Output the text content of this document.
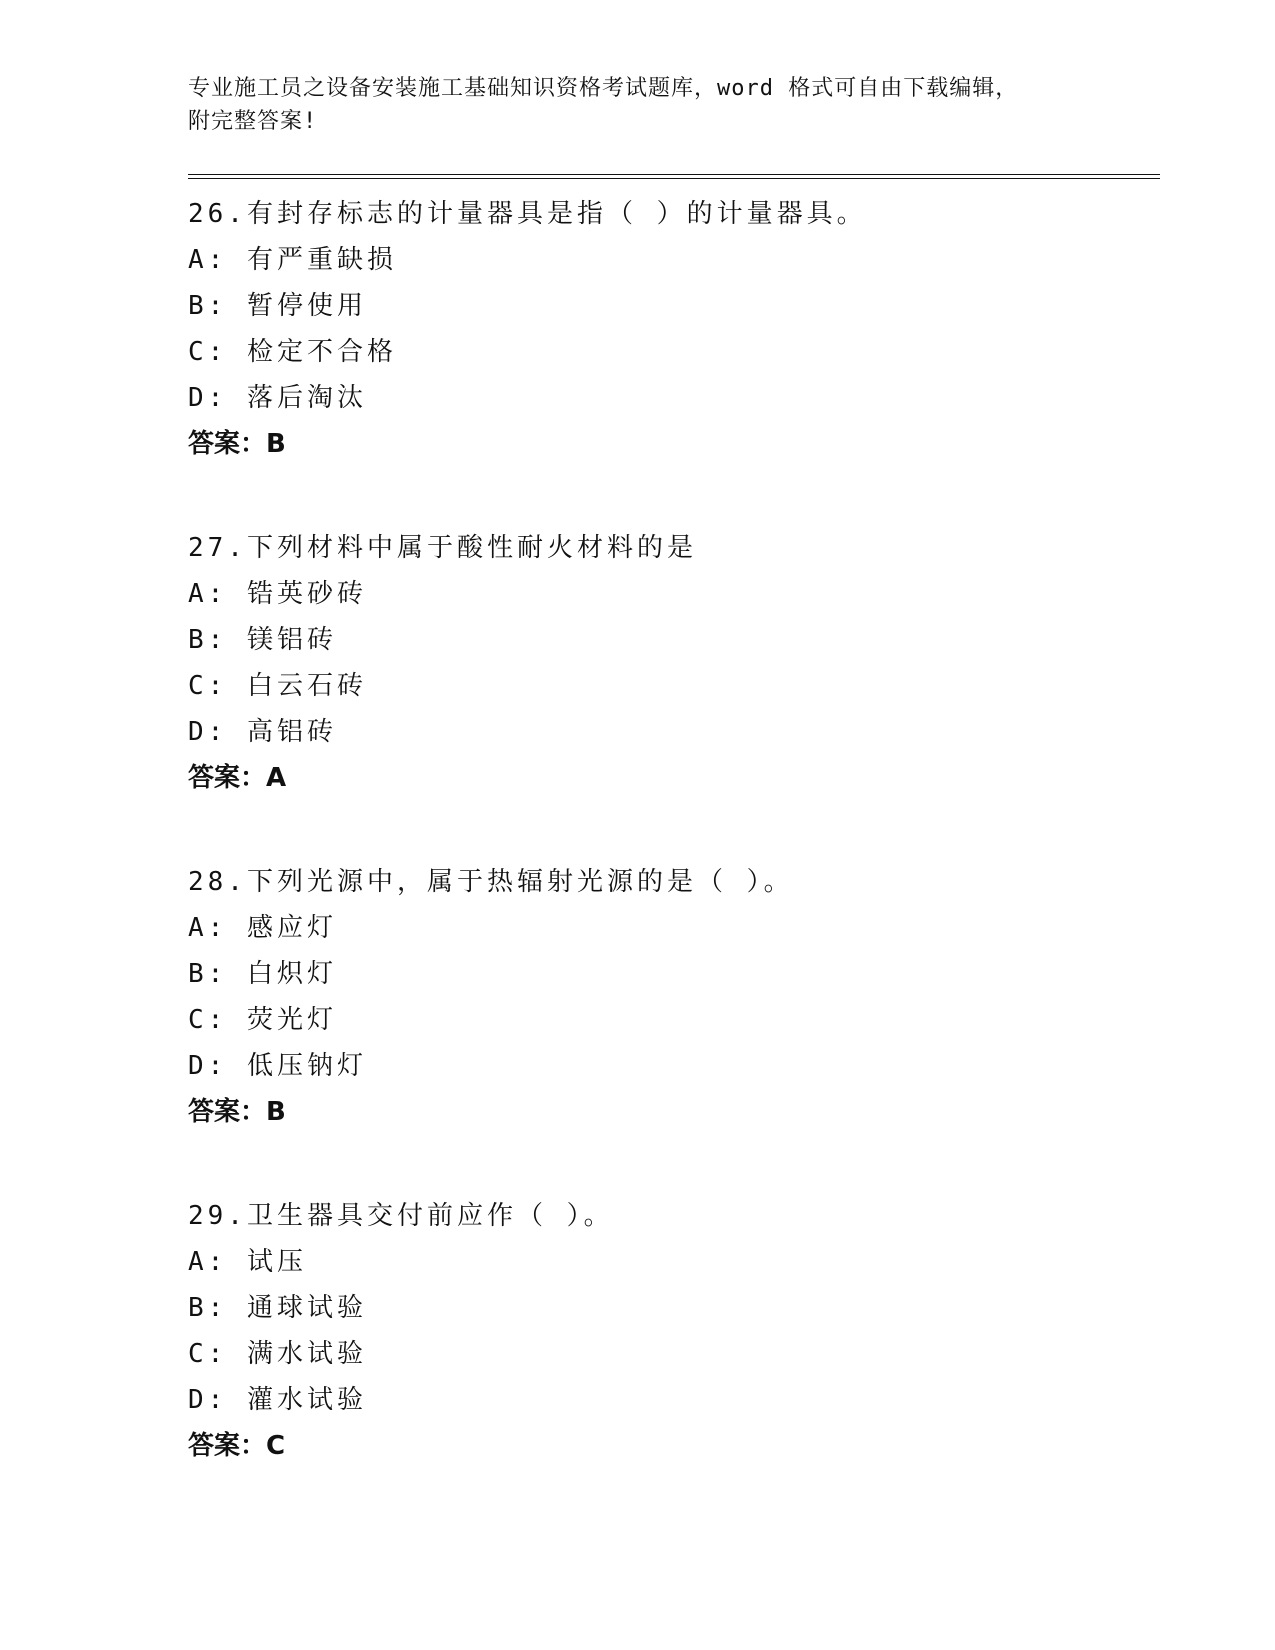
专业施工员之设备安装施工基础知识资格考试题库，word 格式可自由下载编辑，
附完整答案!
26.有封存标志的计量器具是指（ ）的计量器具。
A: 有严重缺损
B: 暂停使用
C: 检定不合格
D: 落后淘汰
答案：B
27.下列材料中属于酸性耐火材料的是
A: 锆英砂砖
B: 镁铝砖
C: 白云石砖
D: 高铝砖
答案：A
28.下列光源中，属于热辐射光源的是（ ）。
A: 感应灯
B: 白炽灯
C: 荧光灯
D: 低压钠灯
答案：B
29.卫生器具交付前应作（ ）。
A: 试压
B: 通球试验
C: 满水试验
D: 灌水试验
答案：C
